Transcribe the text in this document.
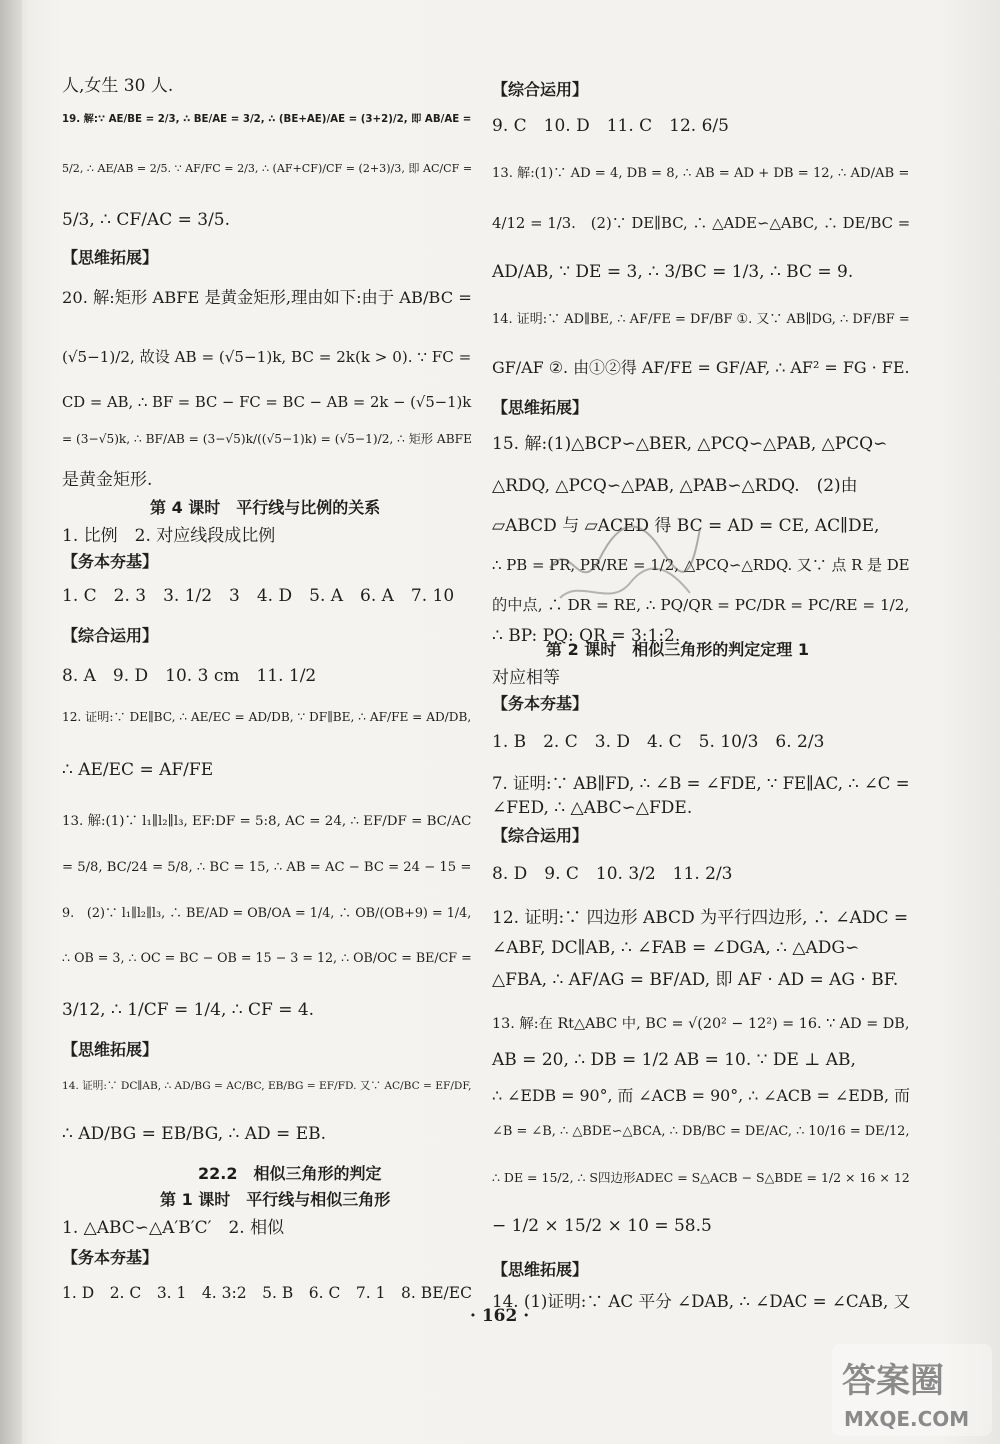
人,女生 30 人.
19. 解:∵ AE/BE = 2/3, ∴ BE/AE = 3/2, ∴ (BE+AE)/AE = (3+2)/2, 即 AB/AE =
5/2, ∴ AE/AB = 2/5. ∵ AF/FC = 2/3, ∴ (AF+CF)/CF = (2+3)/3, 即 AC/CF =
5/3, ∴ CF/AC = 3/5.
【思维拓展】
20. 解:矩形 ABFE 是黄金矩形,理由如下:由于 AB/BC =
(√5−1)/2, 故设 AB = (√5−1)k, BC = 2k(k > 0). ∵ FC =
CD = AB, ∴ BF = BC − FC = BC − AB = 2k − (√5−1)k
= (3−√5)k, ∴ BF/AB = (3−√5)k/((√5−1)k) = (√5−1)/2, ∴ 矩形 ABFE
是黄金矩形.
第 4 课时　平行线与比例的关系
1. 比例　2. 对应线段成比例
【务本夯基】
1. C　2. 3　3. 1/2　3　4. D　5. A　6. A　7. 10
【综合运用】
8. A　9. D　10. 3 cm　11. 1/2
12. 证明:∵ DE∥BC, ∴ AE/EC = AD/DB, ∵ DF∥BE, ∴ AF/FE = AD/DB,
∴ AE/EC = AF/FE
13. 解:(1)∵ l₁∥l₂∥l₃, EF:DF = 5:8, AC = 24, ∴ EF/DF = BC/AC
= 5/8, BC/24 = 5/8, ∴ BC = 15, ∴ AB = AC − BC = 24 − 15 =
9.　(2)∵ l₁∥l₂∥l₃, ∴ BE/AD = OB/OA = 1/4, ∴ OB/(OB+9) = 1/4,
∴ OB = 3, ∴ OC = BC − OB = 15 − 3 = 12, ∴ OB/OC = BE/CF =
3/12, ∴ 1/CF = 1/4, ∴ CF = 4.
【思维拓展】
14. 证明:∵ DC∥AB, ∴ AD/BG = AC/BC, EB/BG = EF/FD. 又∵ AC/BC = EF/DF,
∴ AD/BG = EB/BG, ∴ AD = EB.
22.2　相似三角形的判定
第 1 课时　平行线与相似三角形
1. △ABC∽△A′B′C′　2. 相似
【务本夯基】
1. D　2. C　3. 1　4. 3:2　5. B　6. C　7. 1　8. BE/EC
【综合运用】
9. C　10. D　11. C　12. 6/5
13. 解:(1)∵ AD = 4, DB = 8, ∴ AB = AD + DB = 12, ∴ AD/AB =
4/12 = 1/3.　(2)∵ DE∥BC, ∴ △ADE∽△ABC, ∴ DE/BC =
AD/AB, ∵ DE = 3, ∴ 3/BC = 1/3, ∴ BC = 9.
14. 证明:∵ AD∥BE, ∴ AF/FE = DF/BF ①. 又∵ AB∥DG, ∴ DF/BF =
GF/AF ②. 由①②得 AF/FE = GF/AF, ∴ AF² = FG · FE.
【思维拓展】
15. 解:(1)△BCP∽△BER, △PCQ∽△PAB, △PCQ∽
△RDQ, △PCQ∽△PAB, △PAB∽△RDQ.　(2)由
▱ABCD 与 ▱ACED 得 BC = AD = CE, AC∥DE,
∴ PB = PR, PR/RE = 1/2, △PCQ∽△RDQ. 又∵ 点 R 是 DE
的中点, ∴ DR = RE, ∴ PQ/QR = PC/DR = PC/RE = 1/2,
∴ BP: PQ: QR = 3:1:2.
第 2 课时　相似三角形的判定定理 1
对应相等
【务本夯基】
1. B　2. C　3. D　4. C　5. 10/3　6. 2/3
7. 证明:∵ AB∥FD, ∴ ∠B = ∠FDE, ∵ FE∥AC, ∴ ∠C =
∠FED, ∴ △ABC∽△FDE.
【综合运用】
8. D　9. C　10. 3/2　11. 2/3
12. 证明:∵ 四边形 ABCD 为平行四边形, ∴ ∠ADC =
∠ABF, DC∥AB, ∴ ∠FAB = ∠DGA, ∴ △ADG∽
△FBA, ∴ AF/AG = BF/AD, 即 AF · AD = AG · BF.
13. 解:在 Rt△ABC 中, BC = √(20² − 12²) = 16. ∵ AD = DB,
AB = 20, ∴ DB = 1/2 AB = 10. ∵ DE ⊥ AB,
∴ ∠EDB = 90°, 而 ∠ACB = 90°, ∴ ∠ACB = ∠EDB, 而
∠B = ∠B, ∴ △BDE∽△BCA, ∴ DB/BC = DE/AC, ∴ 10/16 = DE/12,
∴ DE = 15/2, ∴ S四边形ADEC = S△ACB − S△BDE = 1/2 × 16 × 12
− 1/2 × 15/2 × 10 = 58.5
【思维拓展】
14. (1)证明:∵ AC 平分 ∠DAB, ∴ ∠DAC = ∠CAB, 又
· 162 ·
答案圈
MXQE.COM
